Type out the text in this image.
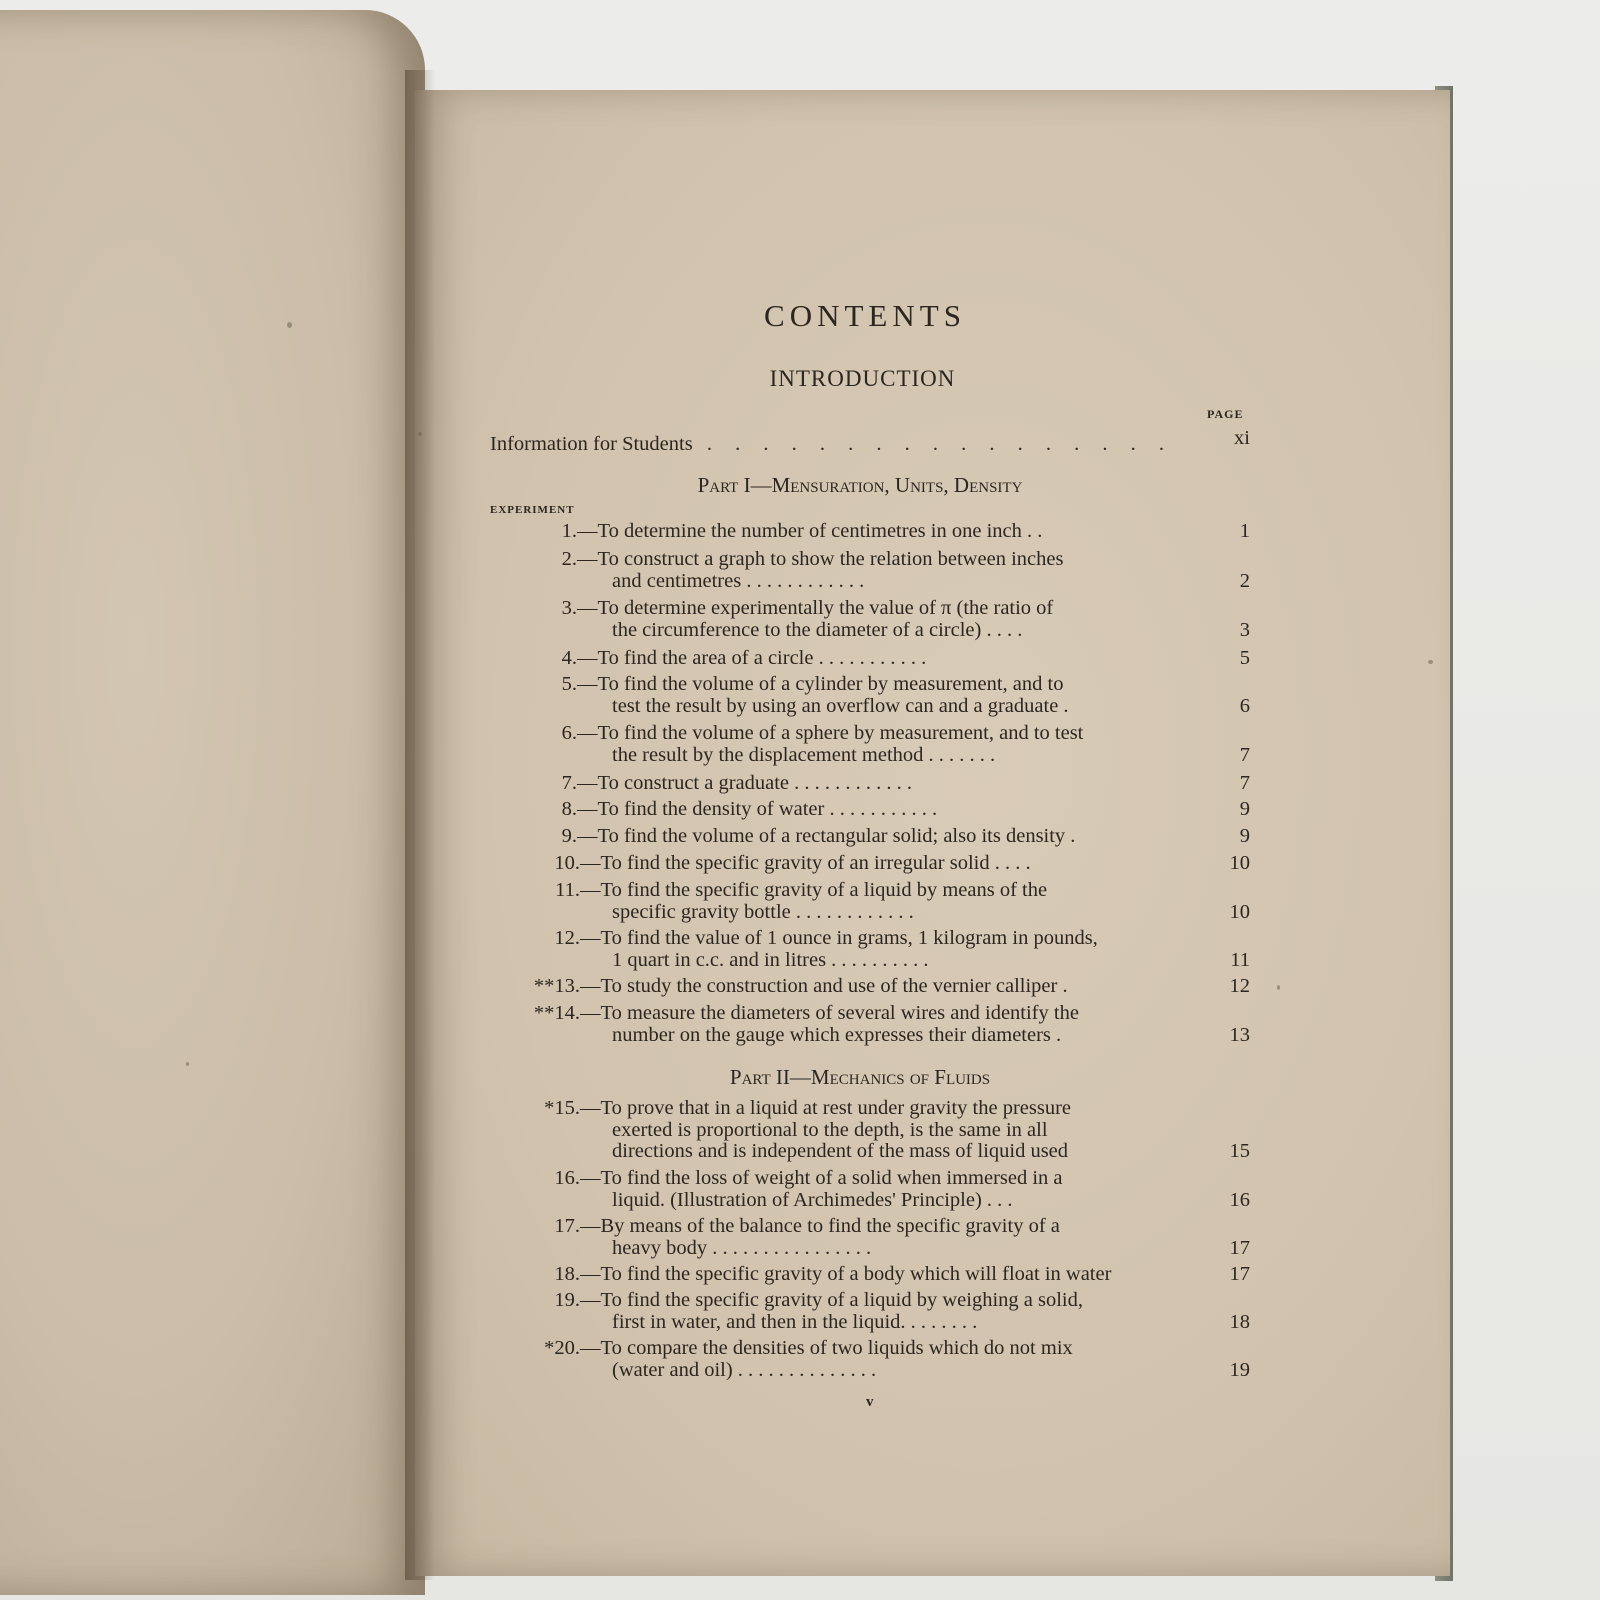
CONTENTS
INTRODUCTION
PAGE
Information for Students . . . . . . . . . . . . . . . . .	xi
Part I—Mensuration, Units, Density
EXPERIMENT
1. —To determine the number of centimetres in one inch . .	1
2. —To construct a graph to show the relation between inches
and centimetres . . . . . . . . . . . .	2
3. —To determine experimentally the value of π (the ratio of
the circumference to the diameter of a circle) . . . .	3
4. —To find the area of a circle . . . . . . . . . . .	5
5. —To find the volume of a cylinder by measurement, and to
test the result by using an overflow can and a graduate .	6
6. —To find the volume of a sphere by measurement, and to test
the result by the displacement method . . . . . . .	7
7. —To construct a graduate . . . . . . . . . . . .	7
8. —To find the density of water . . . . . . . . . . .	9
9. —To find the volume of a rectangular solid; also its density .	9
10. —To find the specific gravity of an irregular solid . . . .	10
11. —To find the specific gravity of a liquid by means of the
specific gravity bottle . . . . . . . . . . . .	10
12. —To find the value of 1 ounce in grams, 1 kilogram in pounds,
1 quart in c.c. and in litres . . . . . . . . . .	11
**13. —To study the construction and use of the vernier calliper .	12
**14. —To measure the diameters of several wires and identify the
number on the gauge which expresses their diameters .	13
*15. —To prove that in a liquid at rest under gravity the pressure
exerted is proportional to the depth, is the same in all
directions and is independent of the mass of liquid used	15
16. —To find the loss of weight of a solid when immersed in a
liquid. (Illustration of Archimedes' Principle) . . .	16
17. —By means of the balance to find the specific gravity of a
heavy body . . . . . . . . . . . . . . . .	17
18. —To find the specific gravity of a body which will float in water	17
19. —To find the specific gravity of a liquid by weighing a solid,
first in water, and then in the liquid. . . . . . . .	18
*20. —To compare the densities of two liquids which do not mix
(water and oil) . . . . . . . . . . . . . .	19
Part II—Mechanics of Fluids
v
